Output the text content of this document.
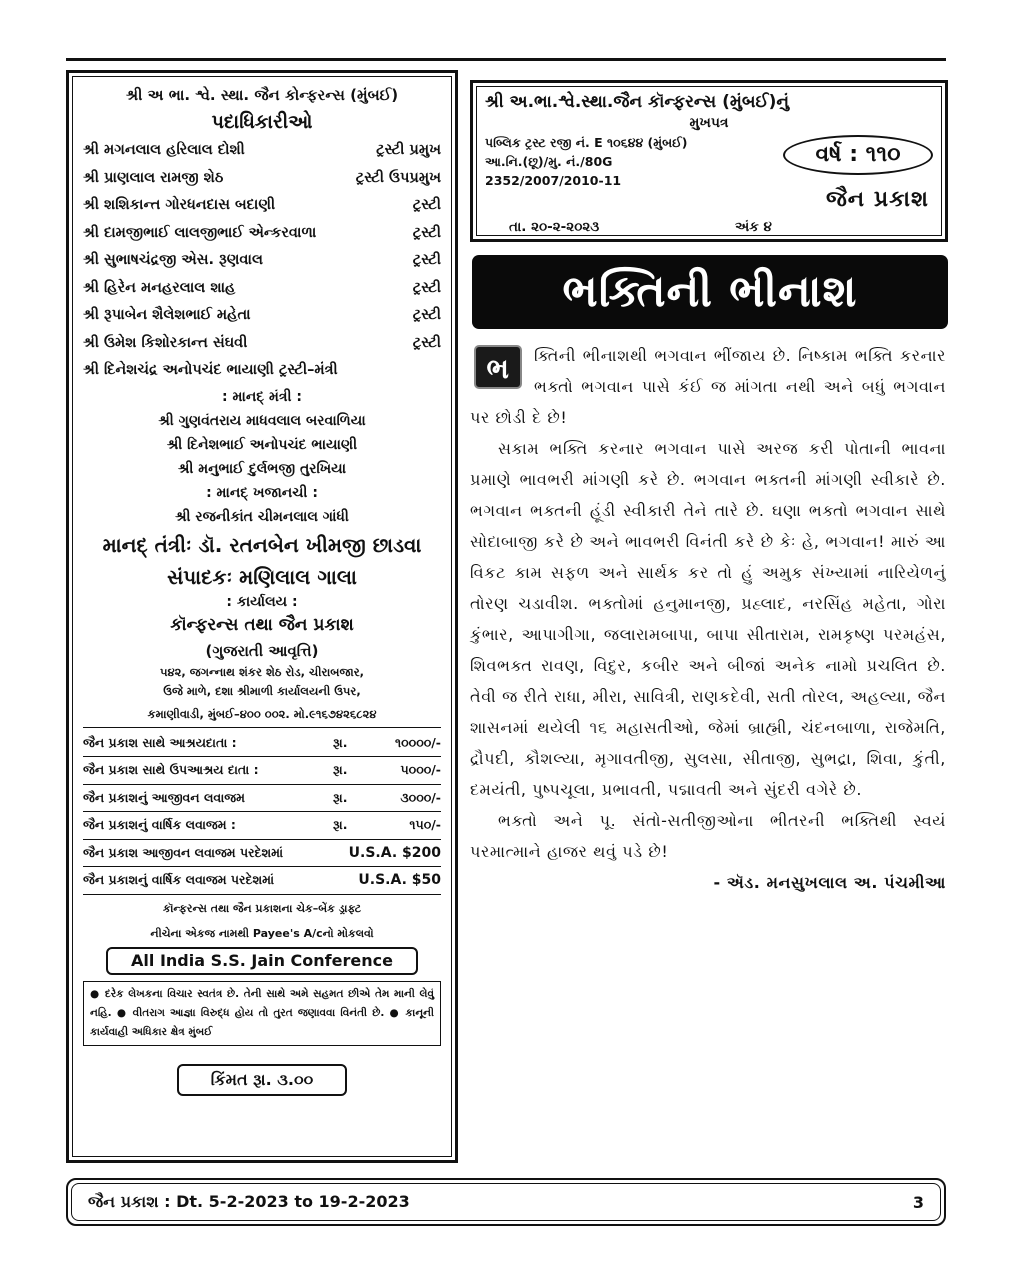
શ્રી અ ભા. શ્વે. સ્થા. જૈન કોન્ફરન્સ (મુંબઈ)
પદાધિકારીઓ
શ્રી મગનલાલ હરિલાલ દોશી	ટ્રસ્ટી પ્રમુખ
શ્રી પ્રાણલાલ રામજી શેઠ	ટ્રસ્ટી ઉપપ્રમુખ
શ્રી શશિકાન્ત ગોરધનદાસ બદાણી	ટ્રસ્ટી
શ્રી દામજીભાઈ લાલજીભાઈ એન્કરવાળા	ટ્રસ્ટી
શ્રી સુભાષચંદ્રજી એસ. રૂણવાલ	ટ્રસ્ટી
શ્રી હિરેન મનહરલાલ શાહ	ટ્રસ્ટી
શ્રી રૂપાબેન શૈલેશભાઈ મહેતા	ટ્રસ્ટી
શ્રી ઉમેશ કિશોરકાન્ત સંઘવી	ટ્રસ્ટી
શ્રી દિનેશચંદ્ર અનોપચંદ ભાયાણી ટ્રસ્ટી–મંત્રી
: માનદ્ મંત્રી :
શ્રી ગુણવંતરાય માધવલાલ બરવાળિયા
શ્રી દિનેશભાઈ અનોપચંદ ભાયાણી
શ્રી મનુભાઈ દુર્લભજી તુરખિયા
: માનદ્ ખજાનચી :
શ્રી રજનીકાંત ચીમનલાલ ગાંધી
માનદ્ તંત્રીઃ ડૉ. રતનબેન ખીમજી છાડવા
સંપાદકઃ મણિલાલ ગાલા
: કાર્યાલય :
કૉન્ફરન્સ તથા જૈન પ્રકાશ
(ગુજરાતી આવૃત્તિ)
૫૪૨, જગન્નાથ શંકર શેઠ રોડ, ચીરાબજાર,
ઉજે માળે, દશા શ્રીમાળી કાર્યાલયની ઉપર,
કમાણીવાડી, મુંબઈ–૪૦૦ ૦૦૨. મો.૯૧૬૭૪૨૬૮૨૪
જૈન પ્રકાશ સાથે આશ્રયદાતા :	રૂા.	૧૦૦૦૦/-
જૈન પ્રકાશ સાથે ઉપઆશ્રય દાતા :	રૂા.	૫૦૦૦/-
જૈન પ્રકાશનું આજીવન લવાજમ	રૂા.	૩૦૦૦/-
જૈન પ્રકાશનું વાર્ષિક લવાજમ :	રૂા.	૧૫૦/-
જૈન પ્રકાશ આજીવન લવાજમ પરદેશમાં	U.S.A. $200
જૈન પ્રકાશનું વાર્ષિક લવાજમ પરદેશમાં	U.S.A. $50
કૉન્ફરન્સ તથા જૈન પ્રકાશના ચેક–બેંક ડ્રાફ્ટ
નીચેના એકજ નામથી Payee's A/cનો મોકલવો
All India S.S. Jain Conference
● દરેક લેખકના વિચાર સ્વતંત્ર છે. તેની સાથે અમે સહમત છીએ તેમ માની લેવું નહિ. ● વીતરાગ આજ્ઞા વિરુદ્ધ હોય તો તુરત જણાવવા વિનંતી છે. ● કાનૂની કાર્યવાહી અધિકાર ક્ષેત્ર મુંબઈ
કિંમત રૂા. ૩.૦૦
શ્રી અ.ભા.શ્વે.સ્થા.જૈન કૉન્ફરન્સ (મુંબઈ)નું
મુખપત્ર
પબ્લિક ટ્રસ્ટ રજી નં. E ૧૦૬૪૪ (મુંબઈ)
આ.નિ.(છૂ)/મુ. નં./80G
2352/2007/2010-11
વર્ષ : ૧૧૦
જૈન પ્રકાશ
તા. ૨૦-૨-૨૦૨૩	અંક ૪
ભક્તિની ભીનાશ
ભ	ક્તિની ભીનાશથી ભગવાન ભીંજાય છે. નિષ્કામ ભક્તિ કરનાર ભક્તો ભગવાન પાસે કંઈ જ માંગતા નથી અને બધું ભગવાન પર છોડી દે છે!

સકામ ભક્તિ કરનાર ભગવાન પાસે અરજ કરી પોતાની ભાવના પ્રમાણે ભાવભરી માંગણી કરે છે. ભગવાન ભક્તની માંગણી સ્વીકારે છે. ભગવાન ભક્તની હૂંડી સ્વીકારી તેને તારે છે. ઘણા ભક્તો ભગવાન સાથે સોદાબાજી કરે છે અને ભાવભરી વિનંતી કરે છે કેઃ હે, ભગવાન! મારું આ વિકટ કામ સફળ અને સાર્થક કર તો હું અમુક સંખ્યામાં નારિયેળનું તોરણ ચડાવીશ. ભક્તોમાં હનુમાનજી, પ્રહ્લાદ, નરસિંહ મહેતા, ગોરા કુંભાર, આપાગીગા, જલારામબાપા, બાપા સીતારામ, રામકૃષ્ણ પરમહંસ, શિવભક્ત રાવણ, વિદુર, કબીર અને બીજાં અનેક નામો પ્રચલિત છે. તેવી જ રીતે રાધા, મીરા, સાવિત્રી, રાણકદેવી, સતી તોરલ, અહલ્યા, જૈન શાસનમાં થયેલી ૧૬ મહાસતીઓ, જેમાં બ્રાહ્મી, ચંદનબાળા, રાજેમતિ, દ્રૌપદી, કૌશલ્યા, મૃગાવતીજી, સુલસા, સીતાજી, સુભદ્રા, શિવા, કુંતી, દમયંતી, પુષ્પચૂલા, પ્રભાવતી, પદ્માવતી અને સુંદરી વગેરે છે.

ભક્તો અને પૂ. સંતો-સતીજીઓના ભીતરની ભક્તિથી સ્વયં પરમાત્માને હાજર થવું પડે છે!

- ઍડ. મનસુખલાલ અ. પંચમીઆ

જૈન પ્રકાશ : Dt. 5-2-2023 to 19-2-2023	3
